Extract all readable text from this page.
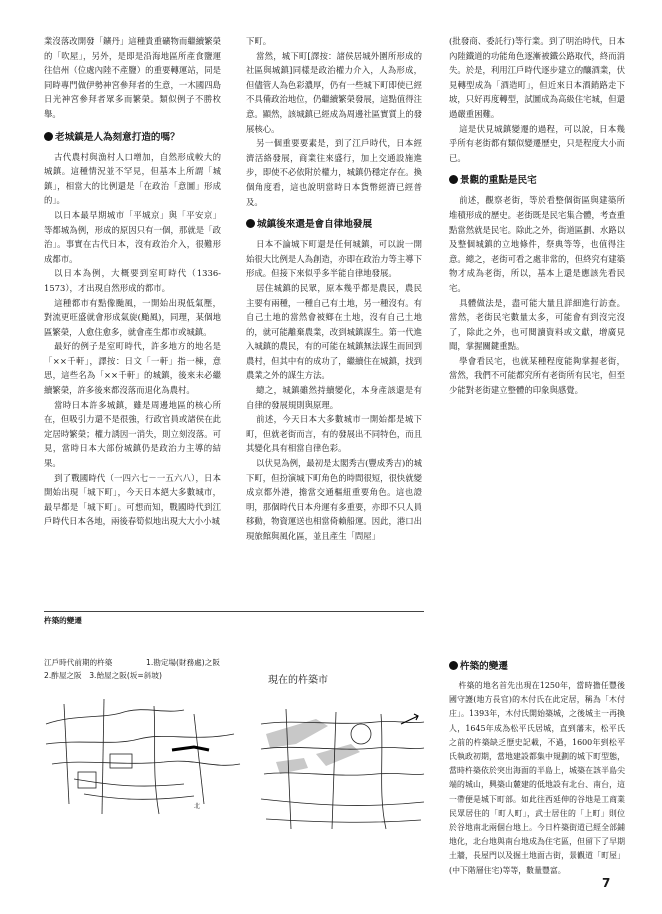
業沒落改開發「鑛丹」這種貴重礦物而繼續繁榮的「吹屋」，另外，是即是沿海地區所產食鹽運往信州（位處內陸不產鹽）的重要轉運站，同是同時專門做伊勢神宮參拜者的生意，一木國四島日光神宮參拜者眾多而繁榮。類似例子不勝枚舉。

老城鎮是人為刻意打造的嗎？

古代農村與漁村人口增加，自然形成較大的城鎮。這種情況並不罕見，但基本上所謂「城鎮」，相當大的比例還是「在政治「意圖」形成的」。

以日本最早期城市「平城京」與「平安京」等都城為例，形成的原因只有一個，那就是「政治」。事實在古代日本，沒有政治介入，很難形成都市。

以日本為例，大概要到室町時代（1336-1573），才出現自然形成的都市。

這種都市有點像颱風，一開始出現低氣壓，對流更旺盛就會形成氣旋(颱風)，同理，某個地區繁榮，人愈住愈多，就會產生都市或城鎮。

最好的例子是室町時代，許多地方的地名是「××千軒」，譯按：日文「一軒」指一棟，意思，這些名為「××千軒」的城鎮，後來未必繼續繁榮，許多後來都沒落而退化為農村。

當時日本許多城鎮，雖是周邊地區的核心所在，但吸引力還不是很強，行政官員或諸侯在此定居時繁榮；權力誘因一消失，則立刻沒落。可見，當時日本大部份城鎮仍是政治力主導的結果。

到了戰國時代（一四六七－一五六八），日本開始出現「城下町」，今天日本絕大多數城市，最早都是「城下町」。可想而知，戰國時代到江戶時代日本各地，兩後春筍似地出現大大小小城

下町。

當然，城下町[譯按：諸侯居城外圍所形成的社區與城鎮]同樣是政治權力介入，人為形成，但儘管人為色彩濃厚，仍有一些城下町即使已經不具備政治地位，仍繼續繁榮發展，這點值得注意。顯然，該城鎮已經成為周邊社區實質上的發展核心。

另一個重要要素是，到了江戶時代，日本經濟活絡發展，商業往來盛行，加上交通設施進步，即使不必依附於權力，城鎮仍穩定存在。換個角度看，這也說明當時日本貨幣經濟已經普及。

城鎮後來還是會自律地發展

日本不論城下町還是任何城鎮，可以說一開始很大比例是人為創造，亦即在政治力等主導下形成。但接下來似乎多半能自律地發展。

居住城鎮的民眾，原本幾乎都是農民，農民主要有兩種，一種自己有土地，另一種沒有。有自己土地的當然會被鄉在土地，沒有自己土地的，就可能離棄農業，改到城鎮謀生。第一代進入城鎮的農民，有的可能在城鎮無法謀生而回到農村，但其中有的成功了，繼續住在城鎮，找到農業之外的謀生方法。

總之，城鎮雖然持續變化，本身產該還是有自律的發展規則與原理。

前述，今天日本大多數城市一開始都是城下町，但就老街而言，有的發展出不同特色，而且其變化具有相當自律色彩。

以伏見為例，最初是太閣秀吉(豐成秀吉)的城下町，但扮演城下町角色的時間很短，很快就變成京都外港，擔當交通樞紐重要角色。這也證明，那個時代日本舟運有多重要，亦即不只人員移動，物資運送也相當倚賴船運。因此，港口出現旅館與風化區，並且產生「問屋」

(批發商、委託行)等行業。到了明治時代，日本內陸鐵道的功能角色逐漸被鐵公路取代，終而消失。於是，利用江戶時代逐步建立的釀酒業，伏見轉型成為「酒造町」，但近來日本酒銷路走下坡，只好再度轉型，試圖成為高級住宅城，但還過嚴重困難。

這是伏見城鎮變遷的過程，可以說，日本幾乎所有老街都有類似變遷歷史，只是程度大小而已。

景觀的重點是民宅

前述，觀察老街，等於看整個街區與建築所堆積形成的歷史。老街既是民宅集合體，考查重點當然就是民宅。除此之外，街道區劃、水路以及整個城鎮的立地條件，祭典等等，也值得注意。總之，老街可看之處非常的，但終究有建築物才成為老街，所以，基本上還是應該先看民宅。

具體做法是，盡可能大量且詳細進行訪查。當然，老街民宅數量太多，可能會有到沒完沒了，除此之外，也可閱讀資料或文獻，增廣見聞，掌握關鍵重點。

學會看民宅，也就某種程度能夠掌握老街，當然，我們不可能都究所有老街所有民宅，但至少能對老街建立整體的印象與感覺。

杵築的變遷
江戶時代前期的杵築	1.勘定場(財務處)之阪
2.酢屋之阪　3.飴屋之阪(坂=斜坡)	現在的杵築市
北
杵築的變遷

杵築的地名首先出現在1250年，當時擔任豐後國守護(地方長官)的木付氏在此定居，稱為「木付庄」。1393年，木付氏開始築城，之後城主一再換人，1645年成為松平氏居城，直到藩末，松平氏之前的杵築缺乏歷史記載，不過，1600年到松平氏執政初期，當地建設都集中規劃的城下町型態，當時杵築依於突出海面的半島上，城築在該半島尖端的城山，興築山麓建的低地設有北台、南台，這一帶便是城下町部。如此往西延伸的谷地是工商業民眾居住的「町人町」，武士居住的「上町」則位於谷地南北兩個台地上。今日杵築街道已經全部鋪地化，北台地與南台地成為住宅區，但留下了早期土牆，長屋門以及掘土地面古街，景觀道「町屋」(中下階層住宅)等等，數量豐富。

7
